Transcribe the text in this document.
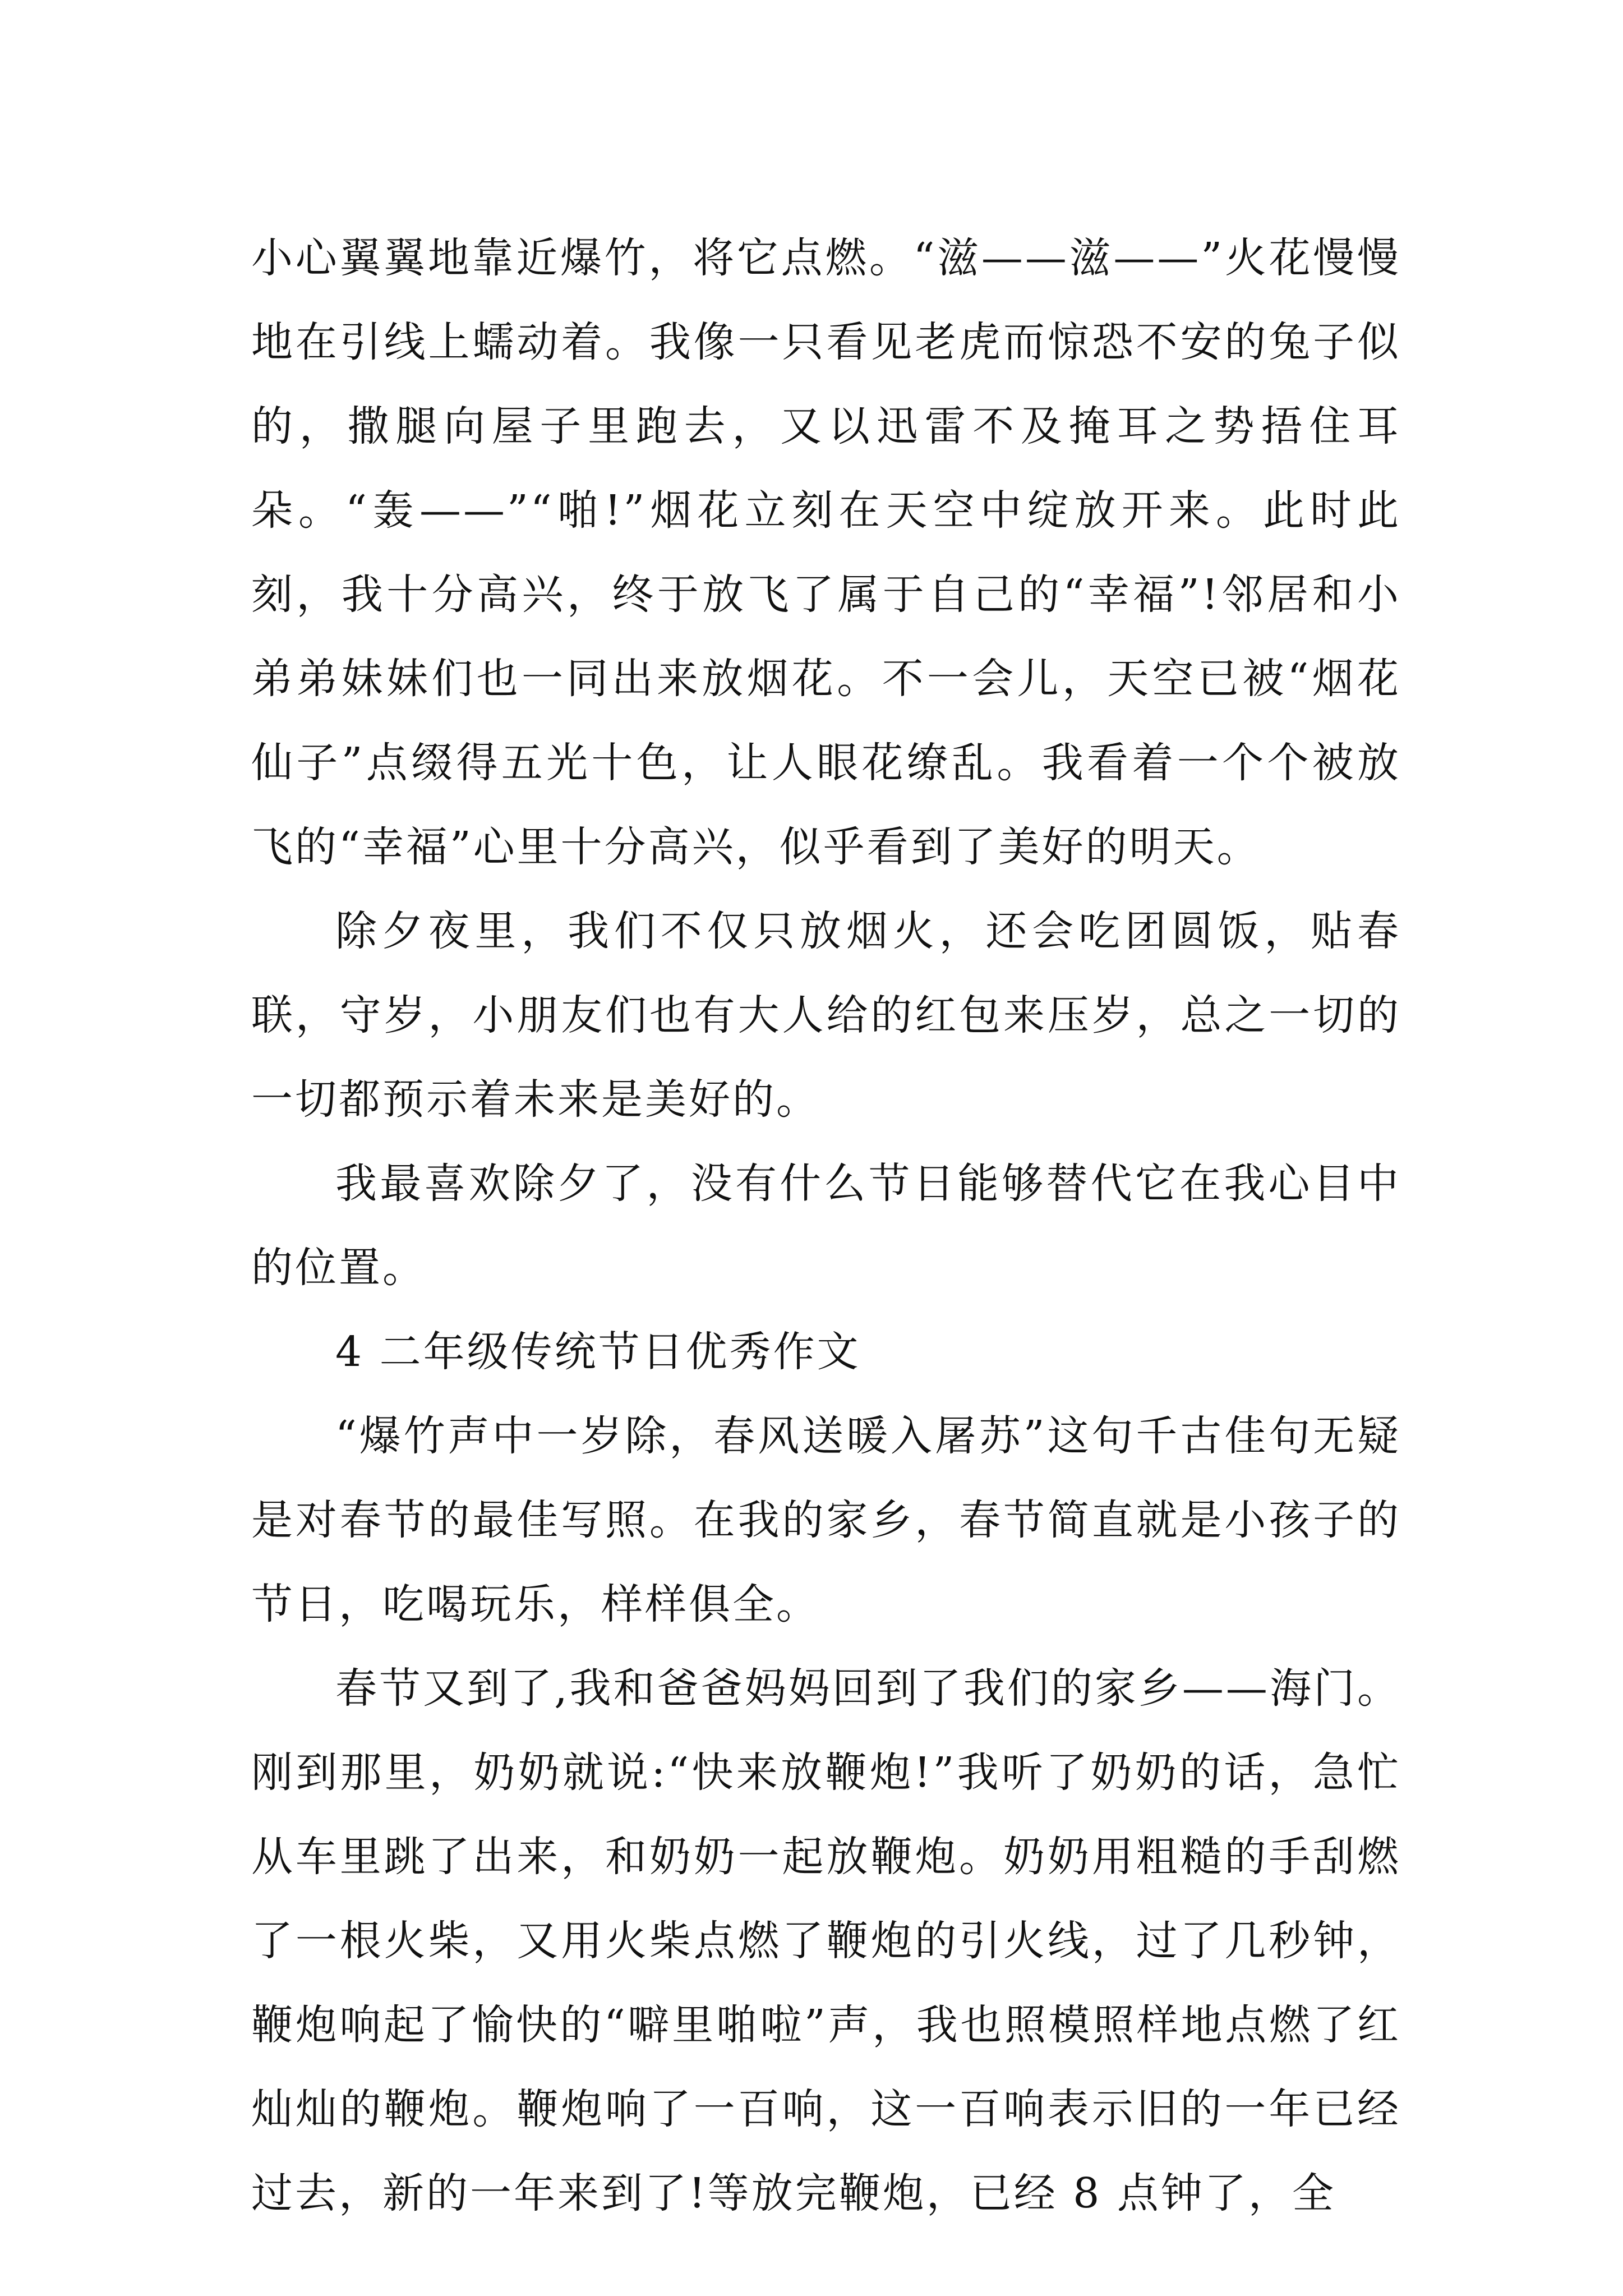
小心翼翼地靠近爆竹，将它点燃。“滋——滋——”火花慢慢地在引线上蠕动着。我像一只看见老虎而惊恐不安的兔子似的，撒腿向屋子里跑去，又以迅雷不及掩耳之势捂住耳朵。“轰——”“啪!”烟花立刻在天空中绽放开来。此时此刻，我十分高兴，终于放飞了属于自己的“幸福”!邻居和小弟弟妹妹们也一同出来放烟花。不一会儿，天空已被“烟花仙子”点缀得五光十色，让人眼花缭乱。我看着一个个被放飞的“幸福”心里十分高兴，似乎看到了美好的明天。

除夕夜里，我们不仅只放烟火，还会吃团圆饭，贴春联，守岁，小朋友们也有大人给的红包来压岁，总之一切的一切都预示着未来是美好的。

我最喜欢除夕了，没有什么节日能够替代它在我心目中的位置。

4 二年级传统节日优秀作文

“爆竹声中一岁除，春风送暖入屠苏”这句千古佳句无疑是对春节的最佳写照。在我的家乡，春节简直就是小孩子的节日，吃喝玩乐，样样俱全。

春节又到了,我和爸爸妈妈回到了我们的家乡——海门。刚到那里，奶奶就说:“快来放鞭炮!”我听了奶奶的话，急忙从车里跳了出来，和奶奶一起放鞭炮。奶奶用粗糙的手刮燃了一根火柴，又用火柴点燃了鞭炮的引火线，过了几秒钟，鞭炮响起了愉快的“噼里啪啦”声，我也照模照样地点燃了红灿灿的鞭炮。鞭炮响了一百响，这一百响表示旧的一年已经过去，新的一年来到了!等放完鞭炮，已经 8 点钟了，全
